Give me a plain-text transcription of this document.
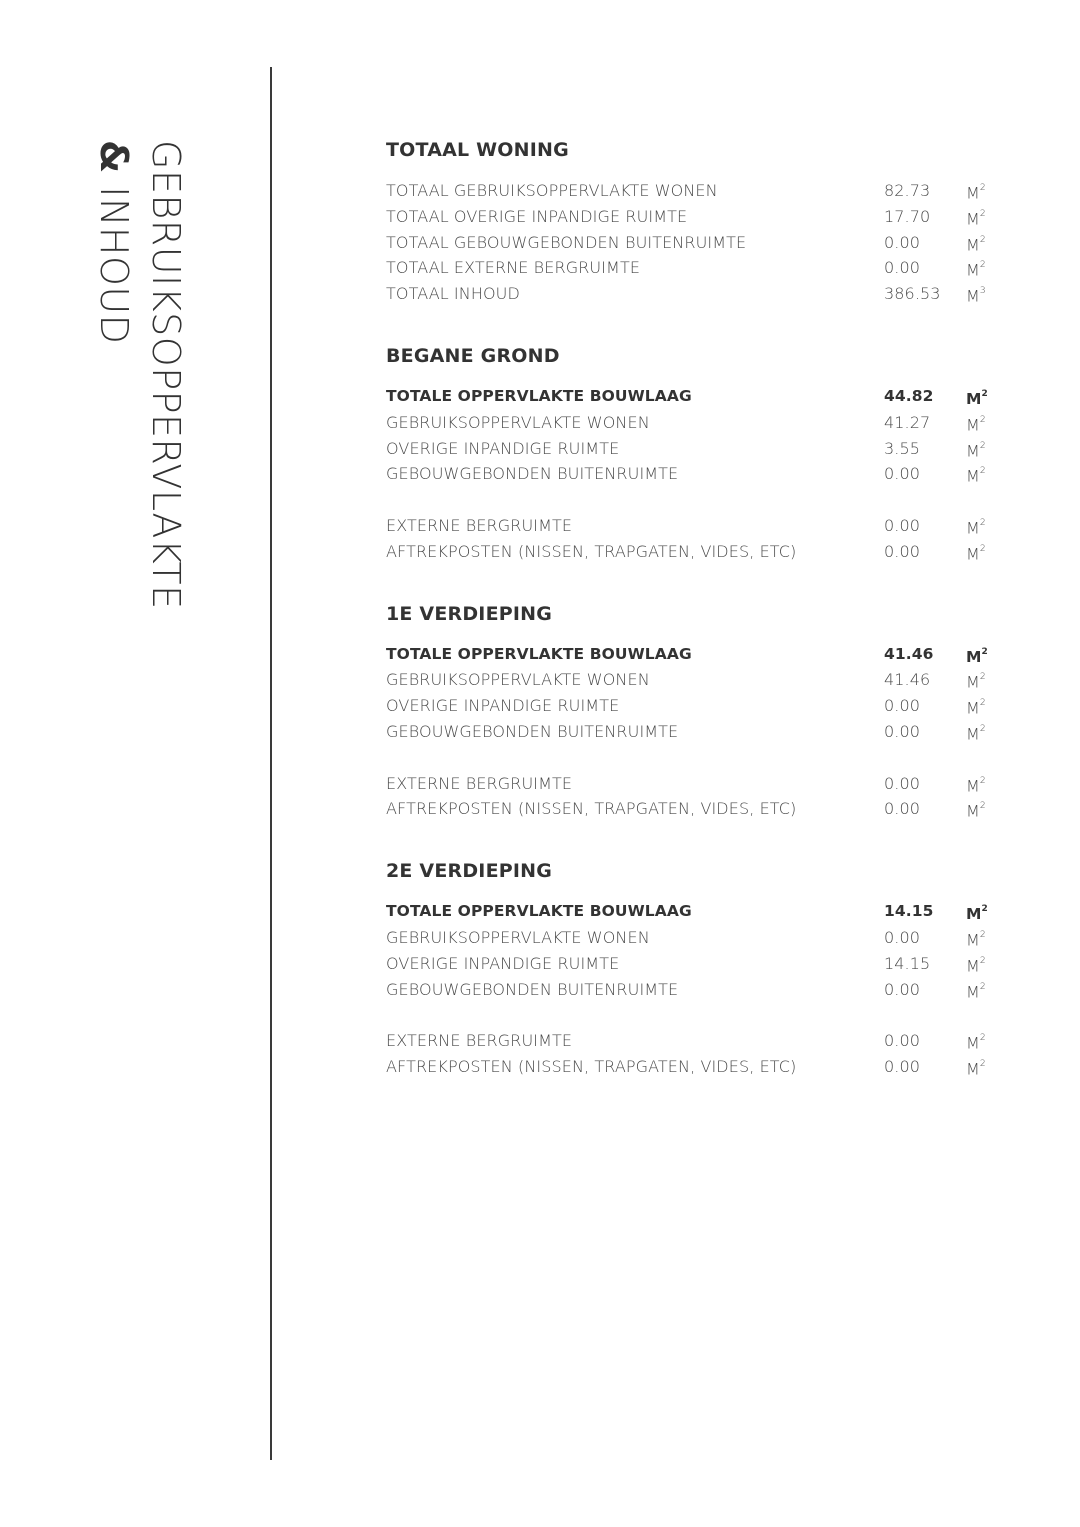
GEBRUIKSOPPERVLAKTE
& INHOUD
TOTAAL WONING
TOTAAL GEBRUIKSOPPERVLAKTE WONEN	82.73 $M^2$
TOTAAL OVERIGE INPANDIGE RUIMTE	17.70 $M^2$
TOTAAL GEBOUWGEBONDEN BUITENRUIMTE	0.00	$M^2$
TOTAAL EXTERNE BERGRUIMTE	0.00	$M^2$
TOTAAL INHOUD	386.53 $M^3$
BEGANE GROND
TOTALE OPPERVLAKTE BOUWLAAG	44.82 $M^2$
GEBRUIKSOPPERVLAKTE WONEN	41.27 $M^2$
OVERIGE INPANDIGE RUIMTE	3.55	$M^2$
GEBOUWGEBONDEN BUITENRUIMTE	0.00	$M^2$
EXTERNE BERGRUIMTE	0.00	$M^2$
AFTREKPOSTEN (NISSEN, TRAPGATEN, VIDES, ETC)	0.00	$M^2$
1E VERDIEPING
TOTALE OPPERVLAKTE BOUWLAAG	41.46 $M^2$
GEBRUIKSOPPERVLAKTE WONEN	41.46 $M^2$
OVERIGE INPANDIGE RUIMTE	0.00	$M^2$
GEBOUWGEBONDEN BUITENRUIMTE	0.00	$M^2$
EXTERNE BERGRUIMTE	0.00	$M^2$
AFTREKPOSTEN (NISSEN, TRAPGATEN, VIDES, ETC)	0.00	$M^2$
2E VERDIEPING
TOTALE OPPERVLAKTE BOUWLAAG	14.15 $M^2$
GEBRUIKSOPPERVLAKTE WONEN	0.00	$M^2$
OVERIGE INPANDIGE RUIMTE	14.15 $M^2$
GEBOUWGEBONDEN BUITENRUIMTE	0.00	$M^2$
EXTERNE BERGRUIMTE	0.00	$M^2$
AFTREKPOSTEN (NISSEN, TRAPGATEN, VIDES, ETC)	0.00	$M^2$
